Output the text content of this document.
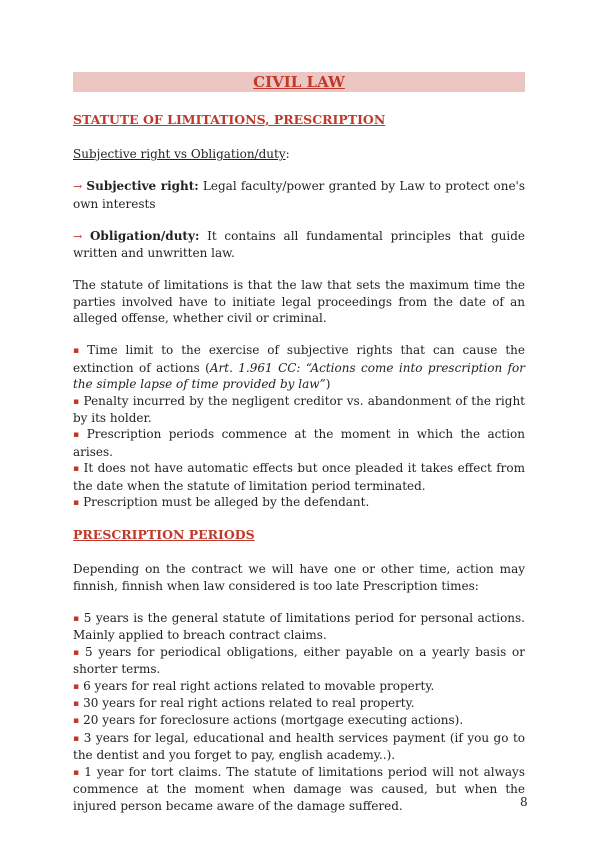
CIVIL LAW
STATUTE OF LIMITATIONS, PRESCRIPTION

Subjective right vs Obligation/duty:

→ Subjective right: Legal faculty/power granted by Law to protect one's own interests

→ Obligation/duty: It contains all fundamental principles that guide written and unwritten law.

The statute of limitations is that the law that sets the maximum time the parties involved have to initiate legal proceedings from the date of an alleged offense, whether civil or criminal.

▪ Time limit to the exercise of subjective rights that can cause the extinction of actions (Art. 1.961 CC: “Actions come into prescription for the simple lapse of time provided by law”)

▪ Penalty incurred by the negligent creditor vs. abandonment of the right by its holder.

▪ Prescription periods commence at the moment in which the action arises.

▪ It does not have automatic effects but once pleaded it takes effect from the date when the statute of limitation period terminated.

▪ Prescription must be alleged by the defendant.

PRESCRIPTION PERIODS

Depending on the contract we will have one or other time, action may finnish, finnish when law considered is too late Prescription times:

▪ 5 years is the general statute of limitations period for personal actions. Mainly applied to breach contract claims.

▪ 5 years for periodical obligations, either payable on a yearly basis or shorter terms.

▪ 6 years for real right actions related to movable property.

▪ 30 years for real right actions related to real property.

▪ 20 years for foreclosure actions (mortgage executing actions).

▪ 3 years for legal, educational and health services payment (if you go to the dentist and you forget to pay, english academy..).

▪ 1 year for tort claims. The statute of limitations period will not always commence at the moment when damage was caused, but when the injured person became aware of the damage suffered.	8
